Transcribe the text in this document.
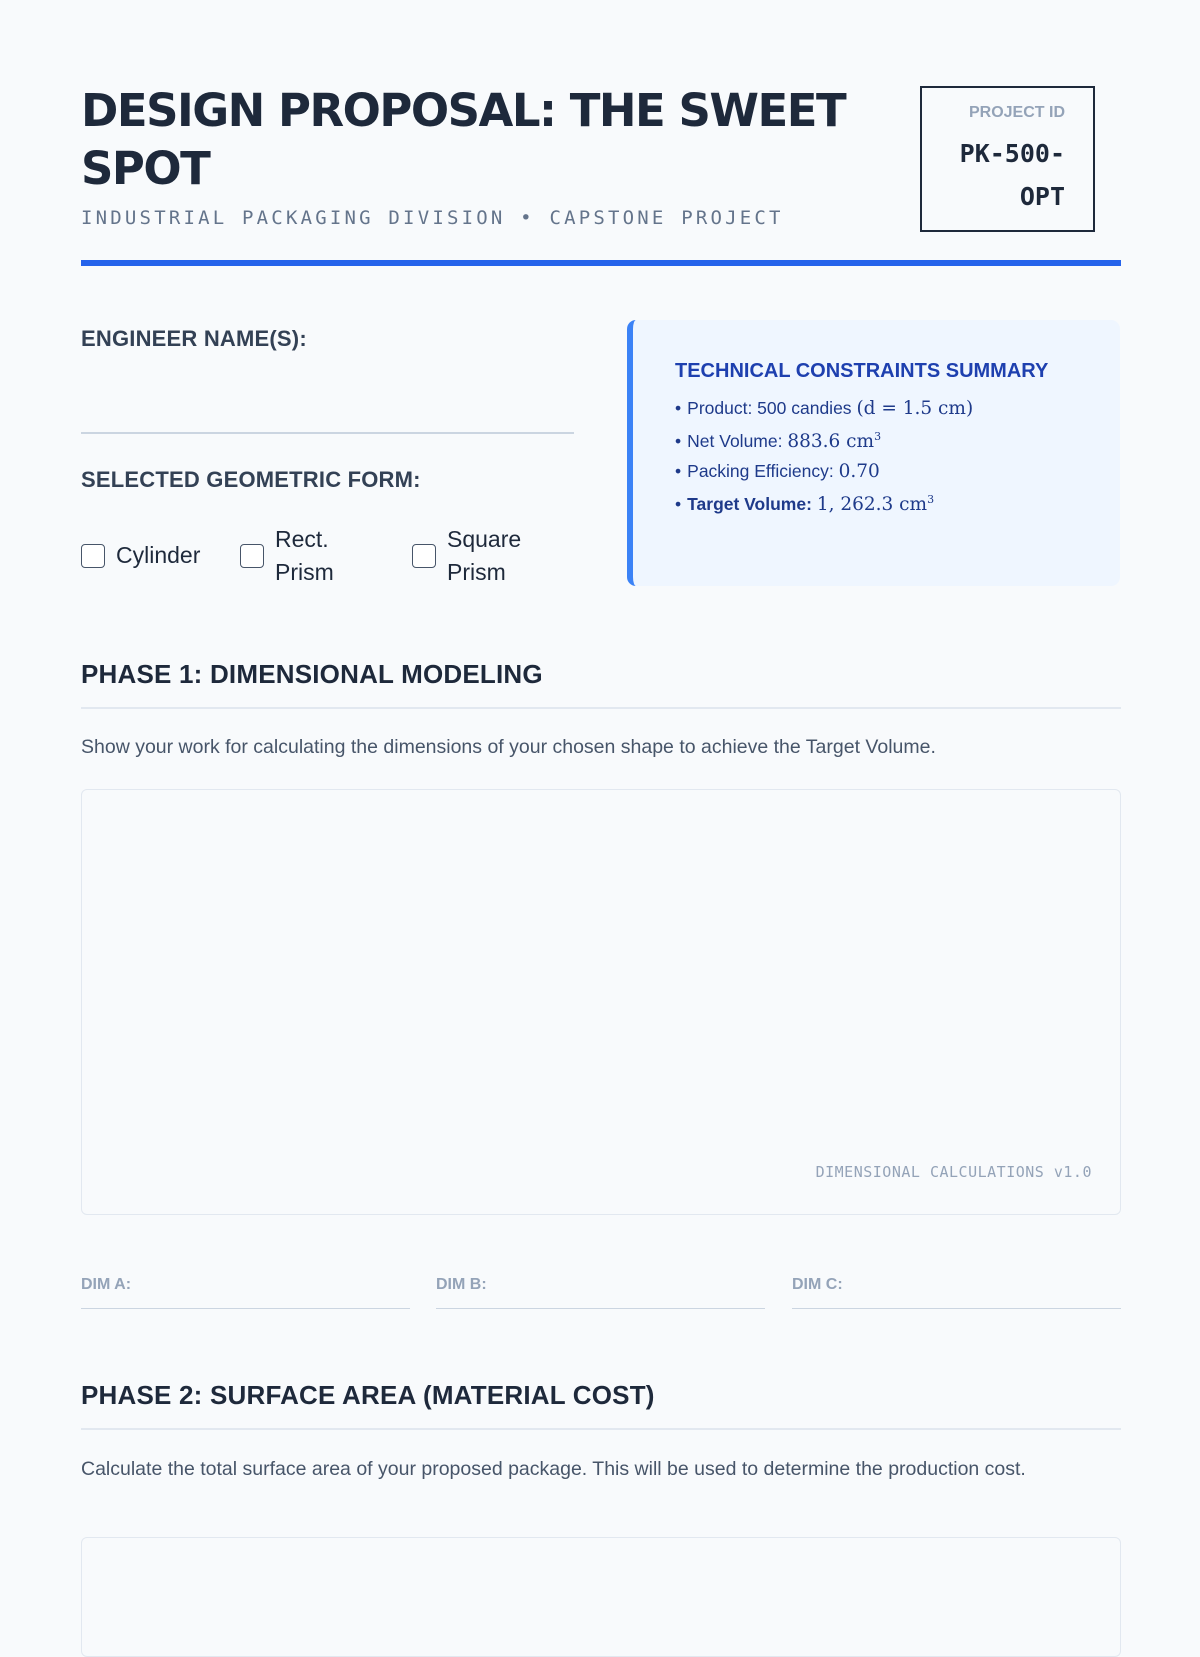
DESIGN PROPOSAL: THE SWEET SPOT

INDUSTRIAL PACKAGING DIVISION • CAPSTONE PROJECT

PROJECT ID
PK-500-OPT
ENGINEER NAME(S):
SELECTED GEOMETRIC FORM:
Cylinder
Rect. Prism
Square Prism
TECHNICAL CONSTRAINTS SUMMARY
• Product: 500 candies (d = 1.5 cm)
• Net Volume: 883.6 $cm^3$
• Packing Efficiency: 0.70
• Target Volume: 1, 262.3 $cm^3$
PHASE 1: DIMENSIONAL MODELING

Show your work for calculating the dimensions of your chosen shape to achieve the Target Volume.

DIMENSIONAL CALCULATIONS v1.0
DIM A:	DIM B:	DIM C:
PHASE 2: SURFACE AREA (MATERIAL COST)

Calculate the total surface area of your proposed package. This will be used to determine the production cost.
